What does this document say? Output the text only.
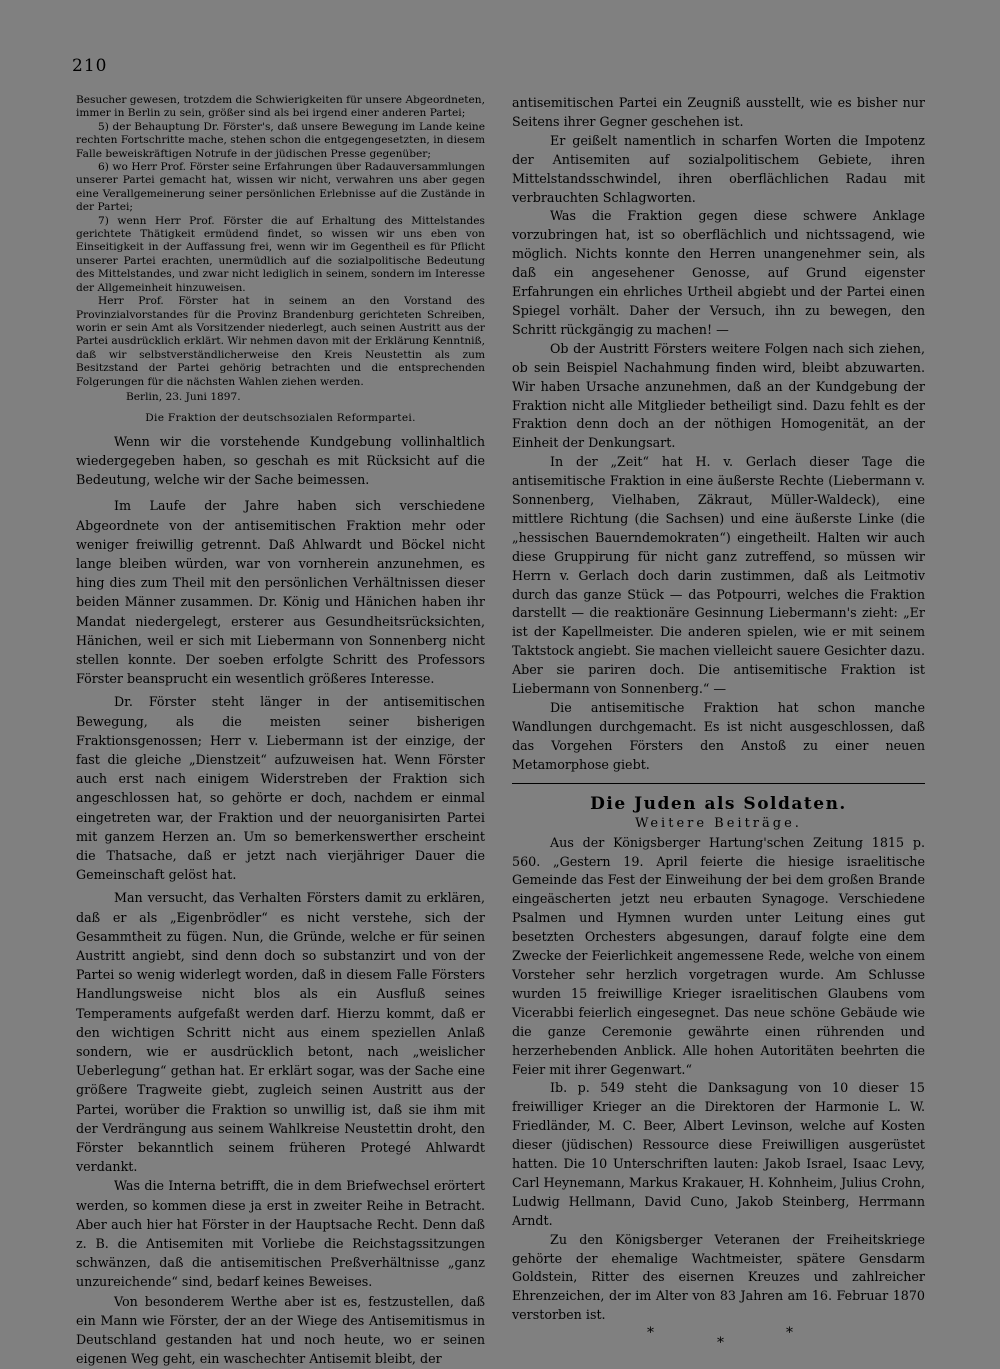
210

Besucher gewesen, trotzdem die Schwierigkeiten für unsere Abgeordneten, immer in Berlin zu sein, größer sind als bei irgend einer anderen Partei;

5) der Behauptung Dr. Förster's, daß unsere Bewegung im Lande keine rechten Fortschritte mache, stehen schon die entgegengesetzten, in diesem Falle beweiskräftigen Notrufe in der jüdischen Presse gegenüber;

6) wo Herr Prof. Förster seine Erfahrungen über Radauversammlungen unserer Partei gemacht hat, wissen wir nicht, verwahren uns aber gegen eine Verallgemeinerung seiner persönlichen Erlebnisse auf die Zustände in der Partei;

7) wenn Herr Prof. Förster die auf Erhaltung des Mittelstandes gerichtete Thätigkeit ermüdend findet, so wissen wir uns eben von Einseitigkeit in der Auffassung frei, wenn wir im Gegentheil es für Pflicht unserer Partei erachten, unermüdlich auf die sozialpolitische Bedeutung des Mittelstandes, und zwar nicht lediglich in seinem, sondern im Interesse der Allgemeinheit hinzuweisen.

Herr Prof. Förster hat in seinem an den Vorstand des Provinzialvorstandes für die Provinz Brandenburg gerichteten Schreiben, worin er sein Amt als Vorsitzender niederlegt, auch seinen Austritt aus der Partei ausdrücklich erklärt. Wir nehmen davon mit der Erklärung Kenntniß, daß wir selbstverständlicherweise den Kreis Neustettin als zum Besitzstand der Partei gehörig betrachten und die entsprechenden Folgerungen für die nächsten Wahlen ziehen werden.

Berlin, 23. Juni 1897.

Die Fraktion der deutschsozialen Reformpartei.

Wenn wir die vorstehende Kundgebung vollinhaltlich wiedergegeben haben, so geschah es mit Rücksicht auf die Bedeutung, welche wir der Sache beimessen.

Im Laufe der Jahre haben sich verschiedene Abgeordnete von der antisemitischen Fraktion mehr oder weniger freiwillig getrennt. Daß Ahlwardt und Böckel nicht lange bleiben würden, war von vornherein anzunehmen, es hing dies zum Theil mit den persönlichen Verhältnissen dieser beiden Männer zusammen. Dr. König und Hänichen haben ihr Mandat niedergelegt, ersterer aus Gesundheitsrücksichten, Hänichen, weil er sich mit Liebermann von Sonnenberg nicht stellen konnte. Der soeben erfolgte Schritt des Professors Förster beansprucht ein wesentlich größeres Interesse.

Dr. Förster steht länger in der antisemitischen Bewegung, als die meisten seiner bisherigen Fraktionsgenossen; Herr v. Liebermann ist der einzige, der fast die gleiche „Dienstzeit“ aufzuweisen hat. Wenn Förster auch erst nach einigem Widerstreben der Fraktion sich angeschlossen hat, so gehörte er doch, nachdem er einmal eingetreten war, der Fraktion und der neuorganisirten Partei mit ganzem Herzen an. Um so bemerkenswerther erscheint die Thatsache, daß er jetzt nach vierjähriger Dauer die Gemeinschaft gelöst hat.

Man versucht, das Verhalten Försters damit zu erklären, daß er als „Eigenbrödler“ es nicht verstehe, sich der Gesammtheit zu fügen. Nun, die Gründe, welche er für seinen Austritt angiebt, sind denn doch so substanzirt und von der Partei so wenig widerlegt worden, daß in diesem Falle Försters Handlungsweise nicht blos als ein Ausfluß seines Temperaments aufgefaßt werden darf. Hierzu kommt, daß er den wichtigen Schritt nicht aus einem speziellen Anlaß sondern, wie er ausdrücklich betont, nach „weislicher Ueberlegung“ gethan hat. Er erklärt sogar, was der Sache eine größere Tragweite giebt, zugleich seinen Austritt aus der Partei, worüber die Fraktion so unwillig ist, daß sie ihm mit der Verdrängung aus seinem Wahlkreise Neustettin droht, den Förster bekanntlich seinem früheren Protegé Ahlwardt verdankt.

Was die Interna betrifft, die in dem Briefwechsel erörtert werden, so kommen diese ja erst in zweiter Reihe in Betracht. Aber auch hier hat Förster in der Hauptsache Recht. Denn daß z. B. die Antisemiten mit Vorliebe die Reichstagssitzungen schwänzen, daß die antisemitischen Preßverhältnisse „ganz unzureichende“ sind, bedarf keines Beweises.

Von besonderem Werthe aber ist es, festzustellen, daß ein Mann wie Förster, der an der Wiege des Antisemitismus in Deutschland gestanden hat und noch heute, wo er seinen eigenen Weg geht, ein waschechter Antisemit bleibt, der

antisemitischen Partei ein Zeugniß ausstellt, wie es bisher nur Seitens ihrer Gegner geschehen ist.

Er geißelt namentlich in scharfen Worten die Impotenz der Antisemiten auf sozialpolitischem Gebiete, ihren Mittelstandsschwindel, ihren oberflächlichen Radau mit verbrauchten Schlagworten.

Was die Fraktion gegen diese schwere Anklage vorzubringen hat, ist so oberflächlich und nichtssagend, wie möglich. Nichts konnte den Herren unangenehmer sein, als daß ein angesehener Genosse, auf Grund eigenster Erfahrungen ein ehrliches Urtheil abgiebt und der Partei einen Spiegel vorhält. Daher der Versuch, ihn zu bewegen, den Schritt rückgängig zu machen! —

Ob der Austritt Försters weitere Folgen nach sich ziehen, ob sein Beispiel Nachahmung finden wird, bleibt abzuwarten. Wir haben Ursache anzunehmen, daß an der Kundgebung der Fraktion nicht alle Mitglieder betheiligt sind. Dazu fehlt es der Fraktion denn doch an der nöthigen Homogenität, an der Einheit der Denkungsart.

In der „Zeit“ hat H. v. Gerlach dieser Tage die antisemitische Fraktion in eine äußerste Rechte (Liebermann v. Sonnenberg, Vielhaben, Zäkraut, Müller-Waldeck), eine mittlere Richtung (die Sachsen) und eine äußerste Linke (die „hessischen Bauerndemokraten“) eingetheilt. Halten wir auch diese Gruppirung für nicht ganz zutreffend, so müssen wir Herrn v. Gerlach doch darin zustimmen, daß als Leitmotiv durch das ganze Stück — das Potpourri, welches die Fraktion darstellt — die reaktionäre Gesinnung Liebermann's zieht: „Er ist der Kapellmeister. Die anderen spielen, wie er mit seinem Taktstock angiebt. Sie machen vielleicht sauere Gesichter dazu. Aber sie pariren doch. Die antisemitische Fraktion ist Liebermann von Sonnenberg.“ —

Die antisemitische Fraktion hat schon manche Wandlungen durchgemacht. Es ist nicht ausgeschlossen, daß das Vorgehen Försters den Anstoß zu einer neuen Metamorphose giebt.

Die Juden als Soldaten.
Weitere Beiträge.

Aus der Königsberger Hartung'schen Zeitung 1815 p. 560. „Gestern 19. April feierte die hiesige israelitische Gemeinde das Fest der Einweihung der bei dem großen Brande eingeäscherten jetzt neu erbauten Synagoge. Verschiedene Psalmen und Hymnen wurden unter Leitung eines gut besetzten Orchesters abgesungen, darauf folgte eine dem Zwecke der Feierlichkeit angemessene Rede, welche von einem Vorsteher sehr herzlich vorgetragen wurde. Am Schlusse wurden 15 freiwillige Krieger israelitischen Glaubens vom Vicerabbi feierlich eingesegnet. Das neue schöne Gebäude wie die ganze Ceremonie gewährte einen rührenden und herzerhebenden Anblick. Alle hohen Autoritäten beehrten die Feier mit ihrer Gegenwart.“

Ib. p. 549 steht die Danksagung von 10 dieser 15 freiwilliger Krieger an die Direktoren der Harmonie L. W. Friedländer, M. C. Beer, Albert Levinson, welche auf Kosten dieser (jüdischen) Ressource diese Freiwilligen ausgerüstet hatten. Die 10 Unterschriften lauten: Jakob Israel, Isaac Levy, Carl Heynemann, Markus Krakauer, H. Kohnheim, Julius Crohn, Ludwig Hellmann, David Cuno, Jakob Steinberg, Herrmann Arndt.

Zu den Königsberger Veteranen der Freiheitskriege gehörte der ehemalige Wachtmeister, spätere Gensdarm Goldstein, Ritter des eisernen Kreuzes und zahlreicher Ehrenzeichen, der im Alter von 83 Jahren am 16. Februar 1870 verstorben ist.

*
*
*
